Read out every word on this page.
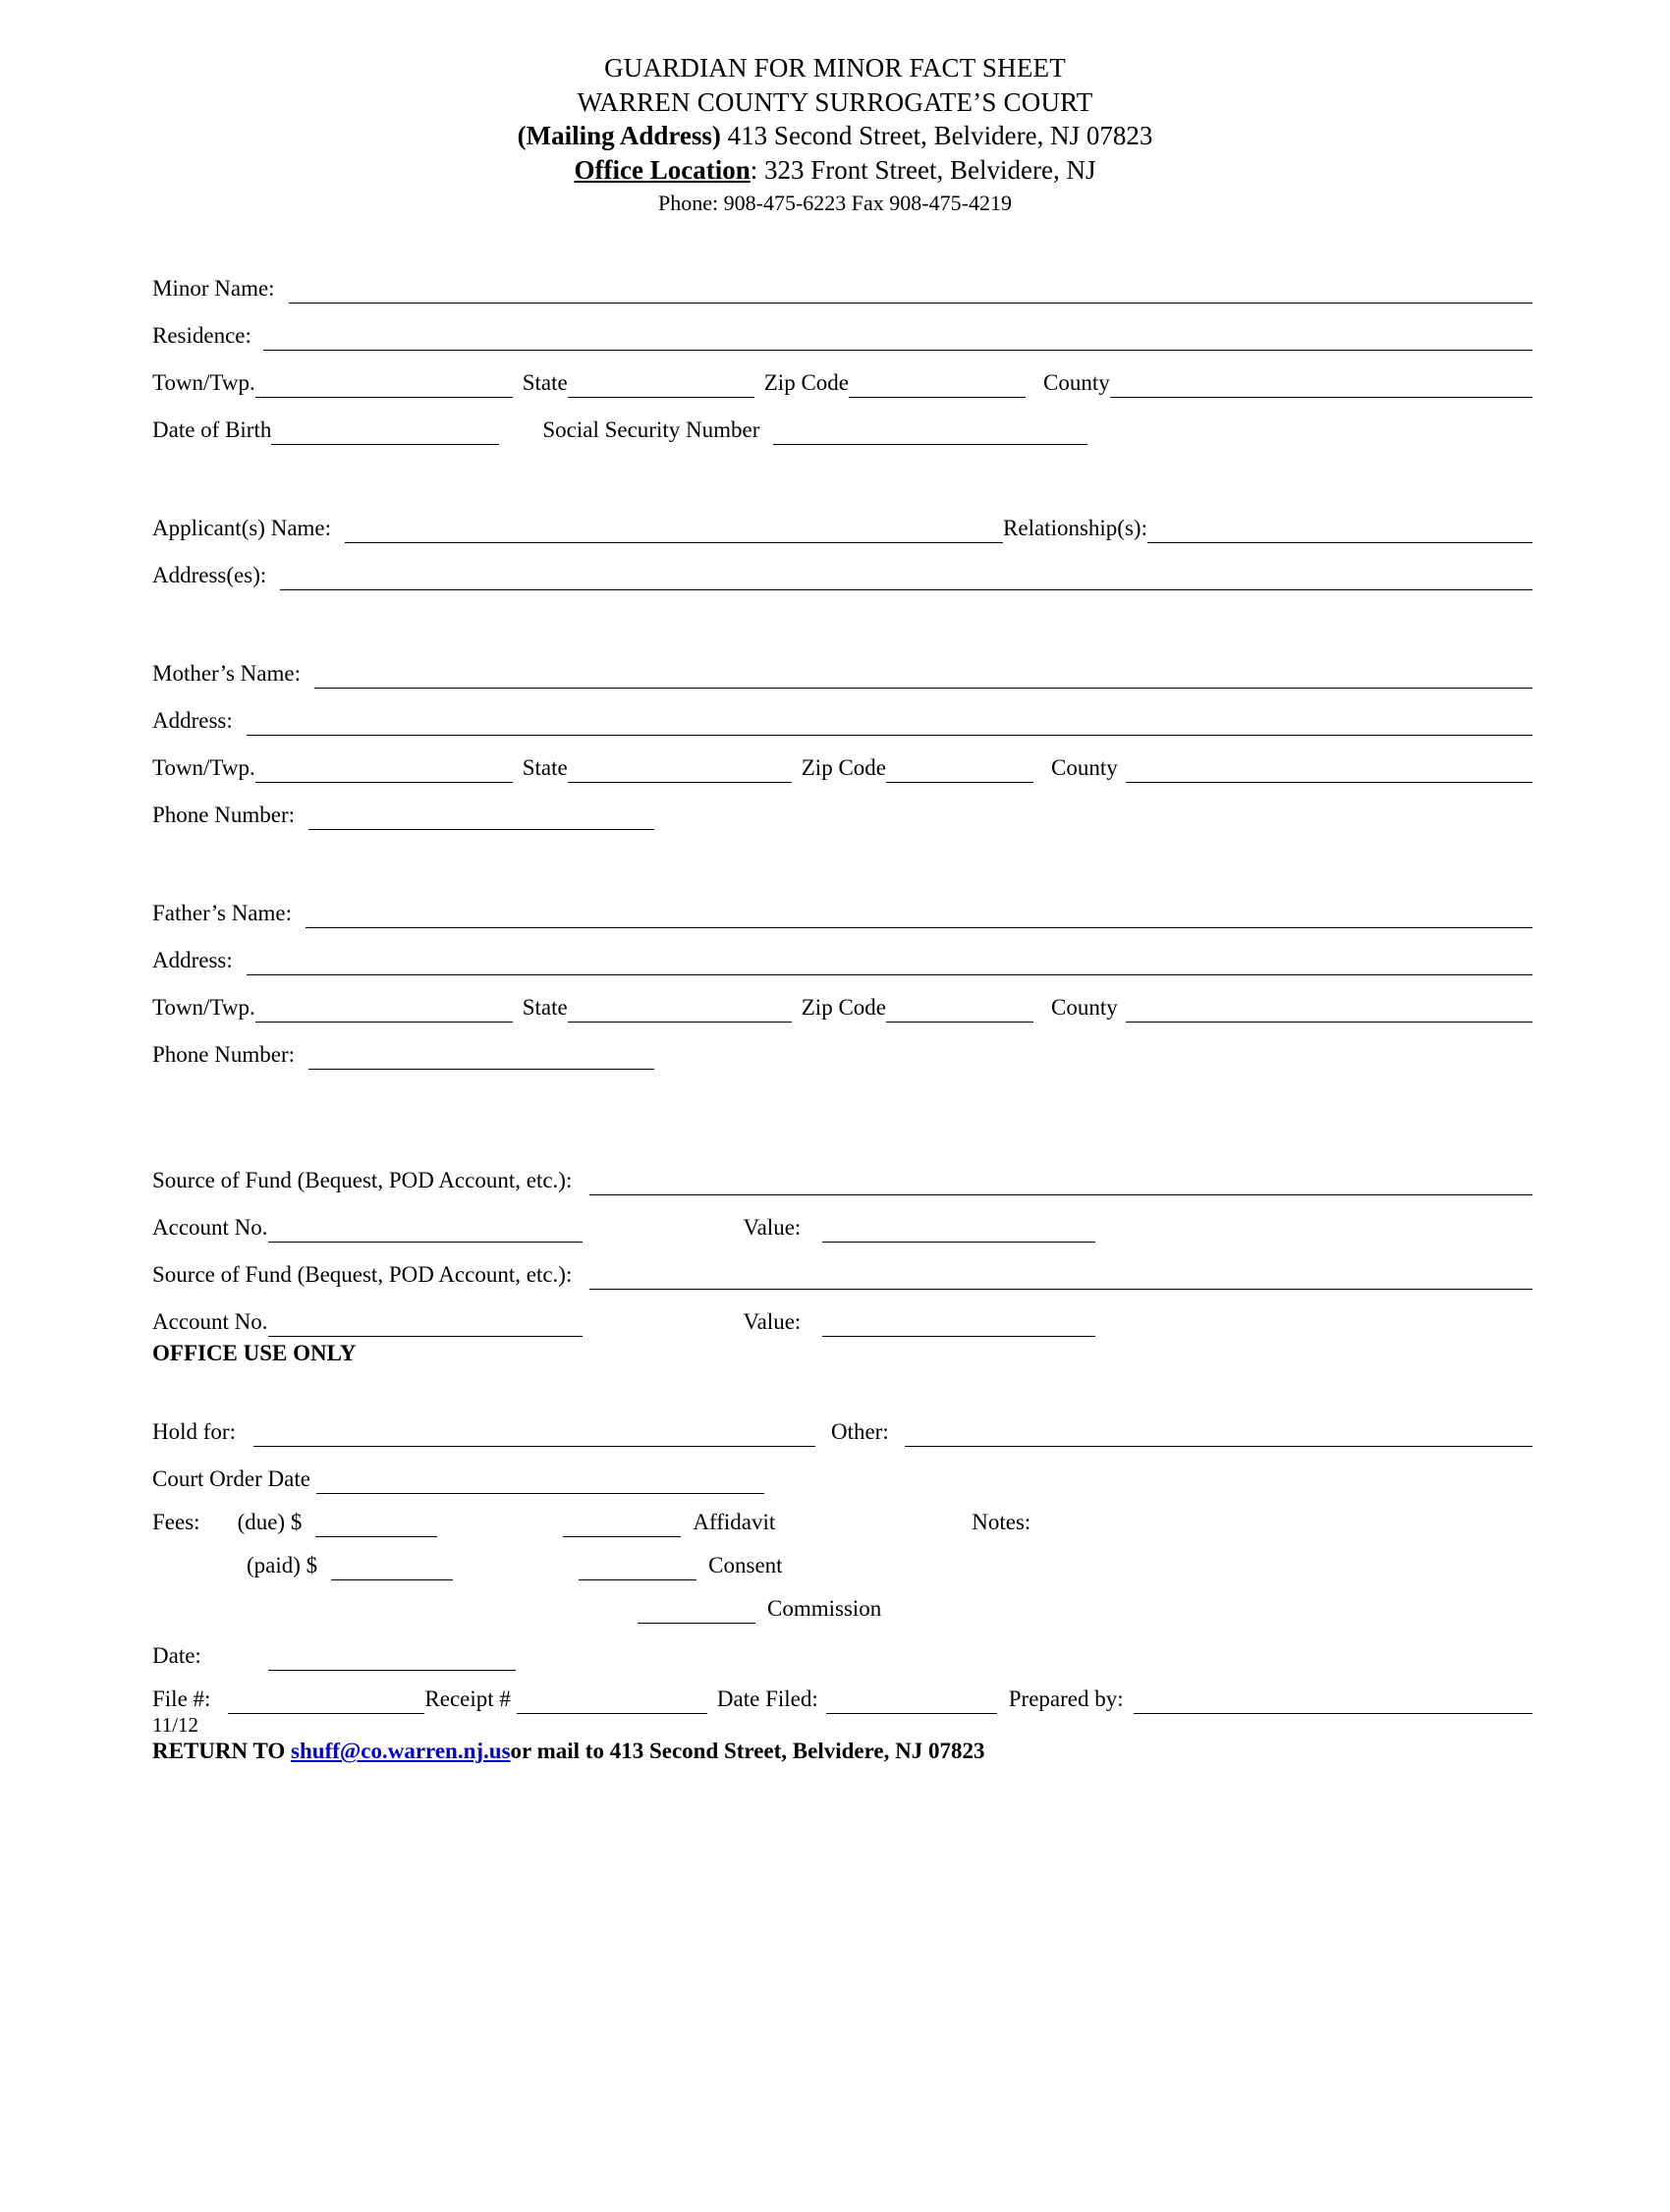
GUARDIAN FOR MINOR FACT SHEET
WARREN COUNTY SURROGATE’S COURT
(Mailing Address) 413 Second Street, Belvidere, NJ 07823
Office Location: 323 Front Street, Belvidere, NJ
Phone: 908-475-6223 Fax 908-475-4219
Minor Name:
Residence:
Town/Twp.	State	Zip Code	County
Date of Birth	Social Security Number
Applicant(s) Name:	Relationship(s):
Address(es):
Mother’s Name:
Address:
Town/Twp.	State	Zip Code	County
Phone Number:
Father’s Name:
Address:
Town/Twp.	State	Zip Code	County
Phone Number:
Source of Fund (Bequest, POD Account, etc.):
Account No.	Value:
Source of Fund (Bequest, POD Account, etc.):
Account No.	Value:
OFFICE USE ONLY
Hold for:	Other:
Court Order Date
Fees: (due) $	Affidavit	Notes:
(paid) $	Consent
Commission
Date:
File #:	Receipt #	Date Filed:	Prepared by:
11/12
RETURN TO shuff@co.warren.nj.usor mail to 413 Second Street, Belvidere, NJ 07823
